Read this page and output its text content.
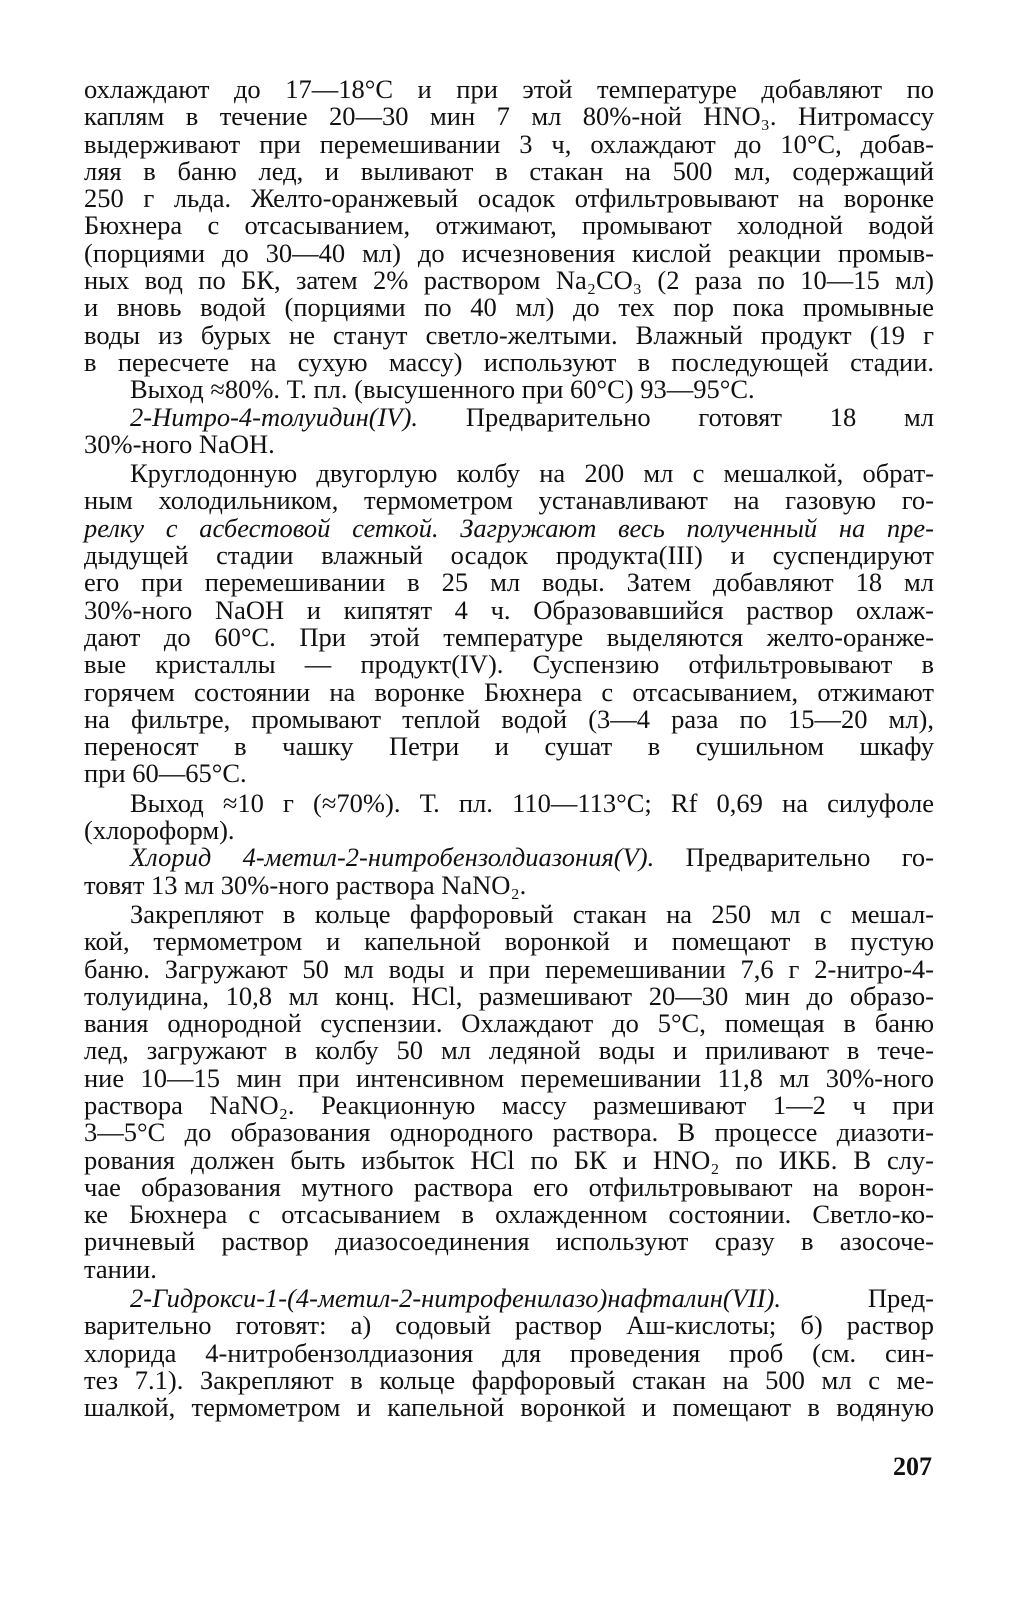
охлаждают до 17—18°С и при этой температуре добавляют по
каплям в течение 20—30 мин 7 мл 80%-ной HNO₃. Нитромассу
выдерживают при перемешивании 3 ч, охлаждают до 10°С, добав-
ляя в баню лед, и выливают в стакан на 500 мл, содержащий
250 г льда. Желто-оранжевый осадок отфильтровывают на воронке
Бюхнера с отсасыванием, отжимают, промывают холодной водой
(порциями до 30—40 мл) до исчезновения кислой реакции промыв-
ных вод по БК, затем 2% раствором Na₂CO₃ (2 раза по 10—15 мл)
и вновь водой (порциями по 40 мл) до тех пор пока промывные
воды из бурых не станут светло-желтыми. Влажный продукт (19 г
в пересчете на сухую массу) используют в последующей стадии.
Выход ≈80%. Т. пл. (высушенного при 60°С) 93—95°С.
2-Нитро-4-толуидин(IV). Предварительно готовят 18 мл
30%-ного NaOH.
Круглодонную двугорлую колбу на 200 мл с мешалкой, обрат-
ным холодильником, термометром устанавливают на газовую го-
релку с асбестовой сеткой. Загружают весь полученный на пре-
дыдущей стадии влажный осадок продукта(III) и суспендируют
его при перемешивании в 25 мл воды. Затем добавляют 18 мл
30%-ного NaOH и кипятят 4 ч. Образовавшийся раствор охлаж-
дают до 60°С. При этой температуре выделяются желто-оранже-
вые кристаллы — продукт(IV). Суспензию отфильтровывают в
горячем состоянии на воронке Бюхнера с отсасыванием, отжимают
на фильтре, промывают теплой водой (3—4 раза по 15—20 мл),
переносят в чашку Петри и сушат в сушильном шкафу
при 60—65°С.
Выход ≈10 г (≈70%). Т. пл. 110—113°С; Rf 0,69 на силуфоле
(хлороформ).
Хлорид 4-метил-2-нитробензолдиазония(V). Предварительно го-
товят 13 мл 30%-ного раствора NaNO₂.
Закрепляют в кольце фарфоровый стакан на 250 мл с мешал-
кой, термометром и капельной воронкой и помещают в пустую
баню. Загружают 50 мл воды и при перемешивании 7,6 г 2-нитро-4-
толуидина, 10,8 мл конц. HCl, размешивают 20—30 мин до образо-
вания однородной суспензии. Охлаждают до 5°С, помещая в баню
лед, загружают в колбу 50 мл ледяной воды и приливают в тече-
ние 10—15 мин при интенсивном перемешивании 11,8 мл 30%-ного
раствора NaNO₂. Реакционную массу размешивают 1—2 ч при
3—5°С до образования однородного раствора. В процессе диазоти-
рования должен быть избыток HCl по БК и HNO₂ по ИКБ. В слу-
чае образования мутного раствора его отфильтровывают на ворон-
ке Бюхнера с отсасыванием в охлажденном состоянии. Светло-ко-
ричневый раствор диазосоединения используют сразу в азосоче-
тании.
2-Гидрокси-1-(4-метил-2-нитрофенилазо)нафталин(VII). Пред-
варительно готовят: а) содовый раствор Аш-кислоты; б) раствор
хлорида 4-нитробензолдиазония для проведения проб (см. син-
тез 7.1). Закрепляют в кольце фарфоровый стакан на 500 мл с ме-
шалкой, термометром и капельной воронкой и помещают в водяную
207
